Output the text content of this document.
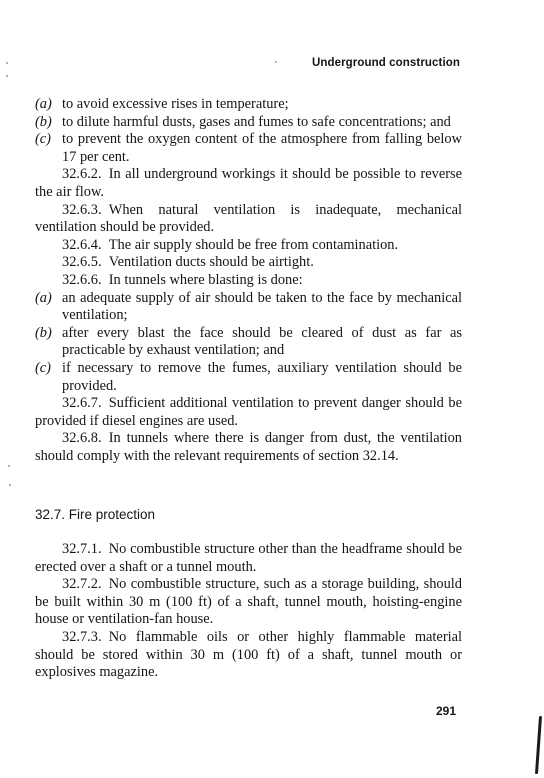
·	Underground construction
(a) to avoid excessive rises in temperature;
(b) to dilute harmful dusts, gases and fumes to safe concentrations; and
(c) to prevent the oxygen content of the atmosphere from falling below 17 per cent.

32.6.2. In all underground workings it should be possible to reverse the air flow.

32.6.3. When natural ventilation is inadequate, mechanical ventilation should be provided.

32.6.4. The air supply should be free from contamination.

32.6.5. Ventilation ducts should be airtight.

32.6.6. In tunnels where blasting is done:

(a) an adequate supply of air should be taken to the face by mechanical ventilation;
(b) after every blast the face should be cleared of dust as far as practicable by exhaust ventilation; and
(c) if necessary to remove the fumes, auxiliary ventilation should be provided.

32.6.7. Sufficient additional ventilation to prevent danger should be provided if diesel engines are used.

32.6.8. In tunnels where there is danger from dust, the ventilation should comply with the relevant requirements of section 32.14.

32.7. Fire protection

32.7.1. No combustible structure other than the headframe should be erected over a shaft or a tunnel mouth.

32.7.2. No combustible structure, such as a storage building, should be built within 30 m (100 ft) of a shaft, tunnel mouth, hoisting-engine house or ventilation-fan house.

32.7.3. No flammable oils or other highly flammable material should be stored within 30 m (100 ft) of a shaft, tunnel mouth or explosives magazine.

291
